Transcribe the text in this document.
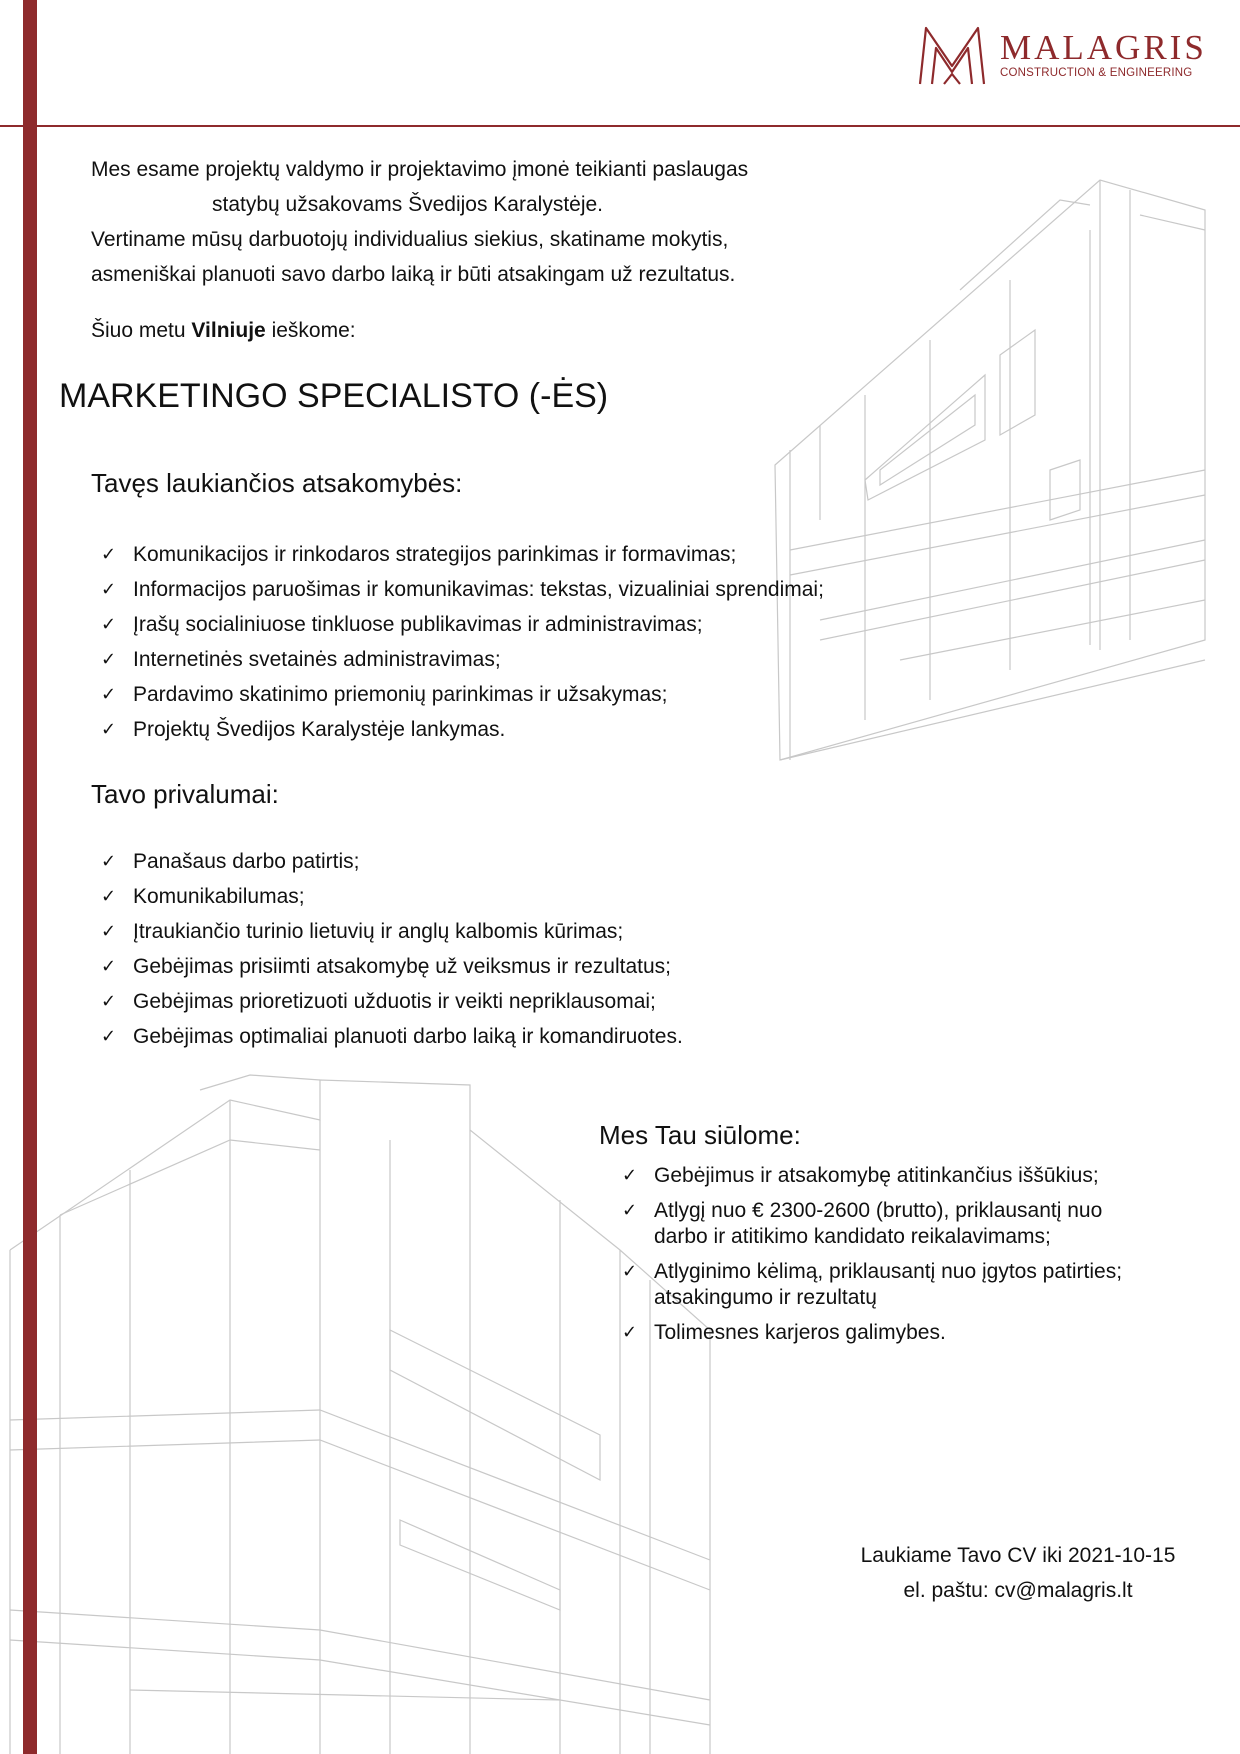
MALAGRIS
CONSTRUCTION & ENGINEERING
Mes esame projektų valdymo ir projektavimo įmonė teikianti paslaugas
statybų užsakovams Švedijos Karalystėje.
Vertiname mūsų darbuotojų individualius siekius, skatiname mokytis,
asmeniškai planuoti savo darbo laiką ir būti atsakingam už rezultatus.
Šiuo metu Vilniuje ieškome:
MARKETINGO SPECIALISTO (-ĖS)
Tavęs laukiančios atsakomybės:
✓ Komunikacijos ir rinkodaros strategijos parinkimas ir formavimas;
✓ Informacijos paruošimas ir komunikavimas: tekstas, vizualiniai sprendimai;
✓ Įrašų socialiniuose tinkluose publikavimas ir administravimas;
✓ Internetinės svetainės administravimas;
✓ Pardavimo skatinimo priemonių parinkimas ir užsakymas;
✓ Projektų Švedijos Karalystėje lankymas.
Tavo privalumai:
✓ Panašaus darbo patirtis;
✓ Komunikabilumas;
✓ Įtraukiančio turinio lietuvių ir anglų kalbomis kūrimas;
✓ Gebėjimas prisiimti atsakomybę už veiksmus ir rezultatus;
✓ Gebėjimas prioretizuoti užduotis ir veikti nepriklausomai;
✓ Gebėjimas optimaliai planuoti darbo laiką ir komandiruotes.
Mes Tau siūlome:
✓ Gebėjimus ir atsakomybę atitinkančius iššūkius;
✓ Atlygį nuo € 2300-2600 (brutto), priklausantį nuo
darbo ir atitikimo kandidato reikalavimams;
✓ Atlyginimo kėlimą, priklausantį nuo įgytos patirties;
atsakingumo ir rezultatų
✓ Tolimesnes karjeros galimybes.
Laukiame Tavo CV iki 2021-10-15
el. paštu: cv@malagris.lt
